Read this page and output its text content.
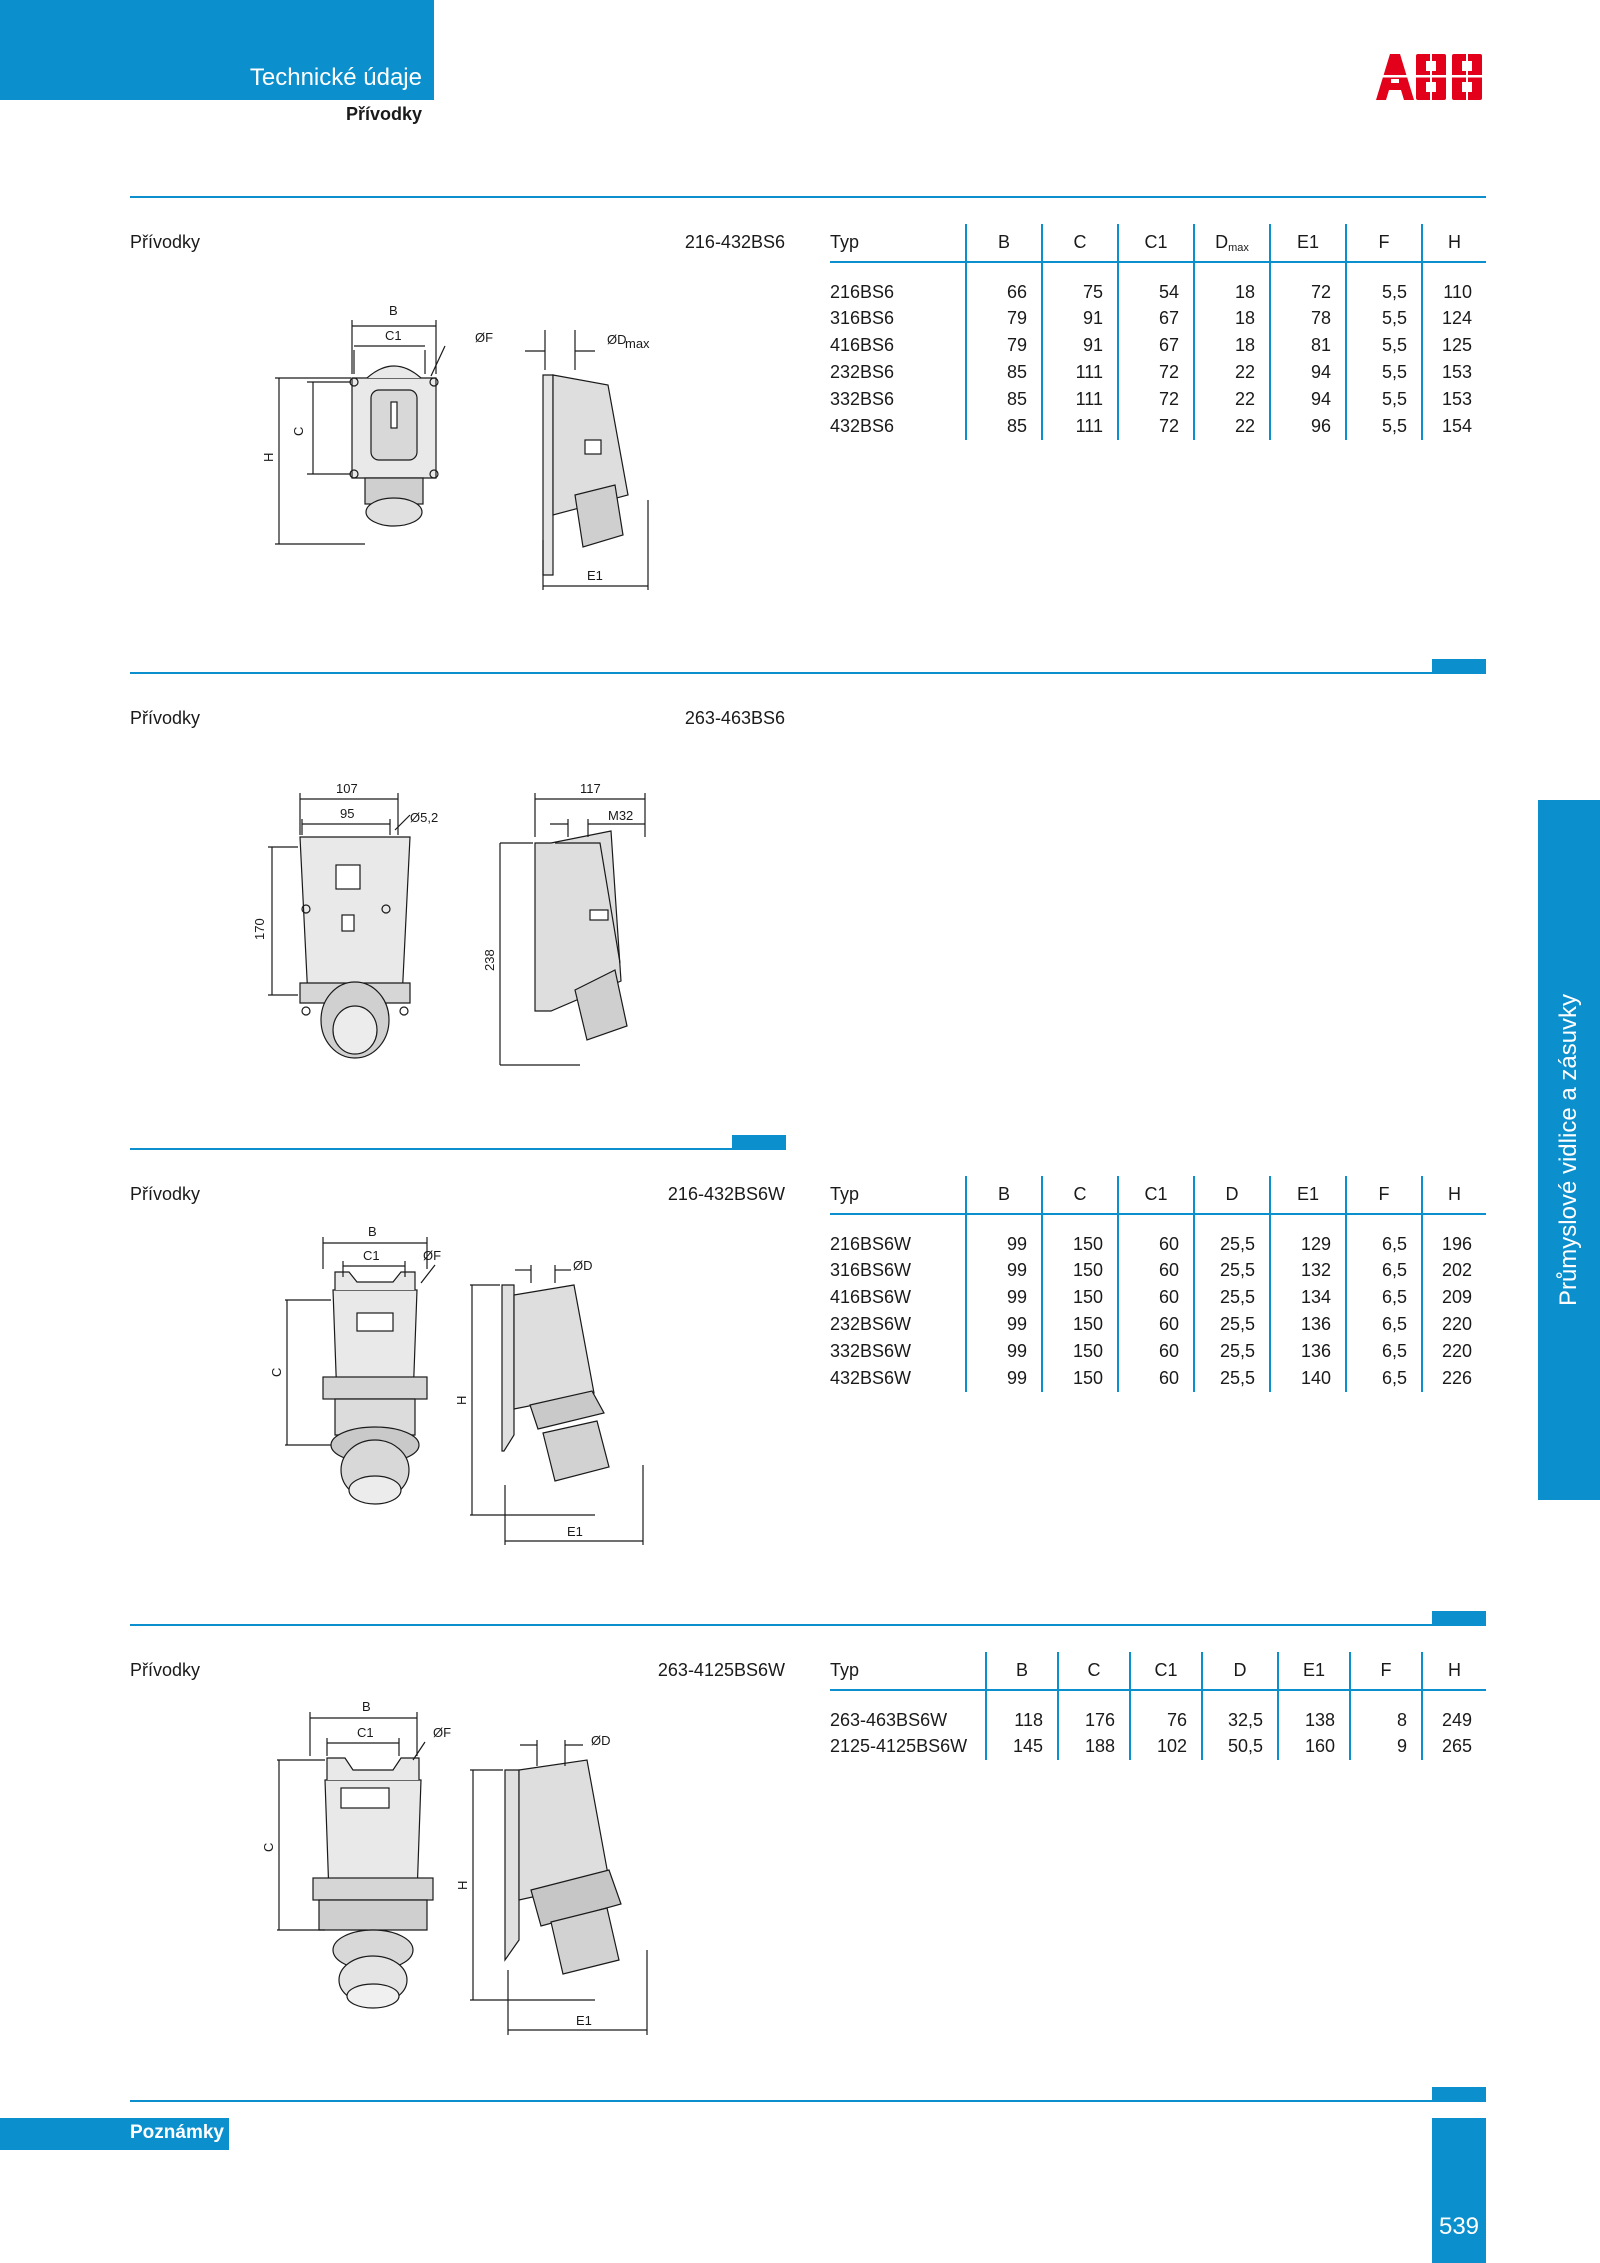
Technické údaje
Přívodky
Přívodky	216-432BS6
B
C1	ØF	ØD
max
H
C
E1
Typ	B	C	C1	$D_{max}$	E1	F	H
216BS6	66	75	54	18	72	5,5	110
316BS6	79	91	67	18	78	5,5	124
416BS6	79	91	67	18	81	5,5	125
232BS6	85	111	72	22	94	5,5	153
332BS6	85	111	72	22	94	5,5	153
432BS6	85	111	72	22	96	5,5	154
Přívodky	263-463BS6
107
95	Ø5,2
170
117
M32
238
Přívodky	216-432BS6W
B
C1	ØF
ØD
C
H
E1
Typ	B	C	C1	D	E1	F	H
216BS6W	99	150	60	25,5	129	6,5	196
316BS6W	99	150	60	25,5	132	6,5	202
416BS6W	99	150	60	25,5	134	6,5	209
232BS6W	99	150	60	25,5	136	6,5	220
332BS6W	99	150	60	25,5	136	6,5	220
432BS6W	99	150	60	25,5	140	6,5	226
Přívodky	263-4125BS6W
B
C1	ØF
ØD
C
H
E1
Typ	B	C	C1	D	E1	F	H
263-463BS6W	118	176	76	32,5	138	8	249
2125-4125BS6W	145	188	102	50,5	160	9	265
Poznámky
539
Průmyslové vidlice a zásuvky
